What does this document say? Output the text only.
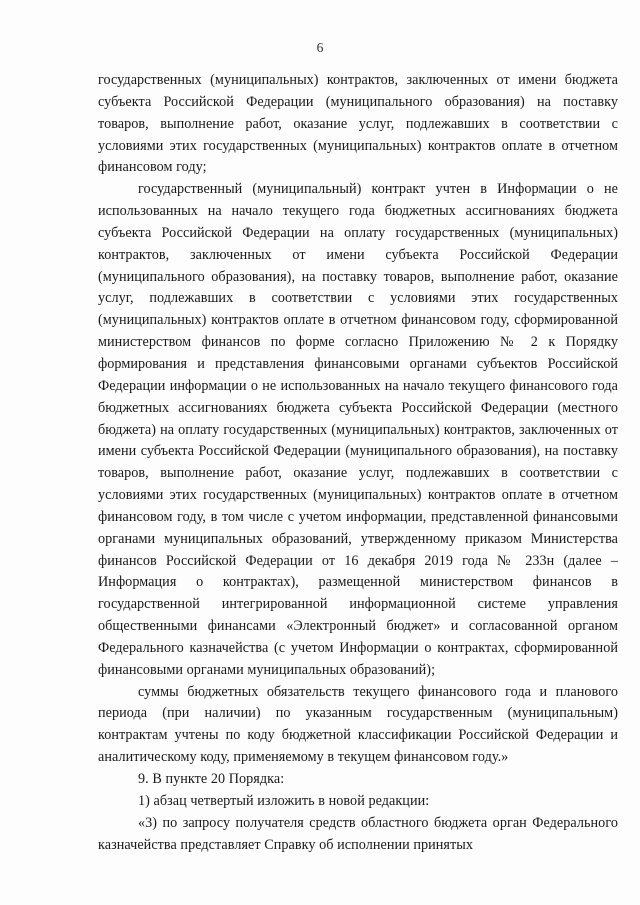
6

государственных (муниципальных) контрактов, заключенных от имени бюджета субъекта Российской Федерации (муниципального образования) на поставку товаров, выполнение работ, оказание услуг, подлежавших в соответствии с условиями этих государственных (муниципальных) контрактов оплате в отчетном финансовом году;

государственный (муниципальный) контракт учтен в Информации о не использованных на начало текущего года бюджетных ассигнованиях бюджета субъекта Российской Федерации на оплату государственных (муниципальных) контрактов, заключенных от имени субъекта Российской Федерации (муниципального образования), на поставку товаров, выполнение работ, оказание услуг, подлежавших в соответствии с условиями этих государственных (муниципальных) контрактов оплате в отчетном финансовом году, сформированной министерством финансов по форме согласно Приложению № 2 к Порядку формирования и представления финансовыми органами субъектов Российской Федерации информации о не использованных на начало текущего финансового года бюджетных ассигнованиях бюджета субъекта Российской Федерации (местного бюджета) на оплату государственных (муниципальных) контрактов, заключенных от имени субъекта Российской Федерации (муниципального образования), на поставку товаров, выполнение работ, оказание услуг, подлежавших в соответствии с условиями этих государственных (муниципальных) контрактов оплате в отчетном финансовом году, в том числе с учетом информации, представленной финансовыми органами муниципальных образований, утвержденному приказом Министерства финансов Российской Федерации от 16 декабря 2019 года № 233н (далее – Информация о контрактах), размещенной министерством финансов в государственной интегрированной информационной системе управления общественными финансами «Электронный бюджет» и согласованной органом Федерального казначейства (с учетом Информации о контрактах, сформированной финансовыми органами муниципальных образований);

суммы бюджетных обязательств текущего финансового года и планового периода (при наличии) по указанным государственным (муниципальным) контрактам учтены по коду бюджетной классификации Российской Федерации и аналитическому коду, применяемому в текущем финансовом году.»

9. В пункте 20 Порядка:

1) абзац четвертый изложить в новой редакции:

«3) по запросу получателя средств областного бюджета орган Федерального казначейства представляет Справку об исполнении принятых
